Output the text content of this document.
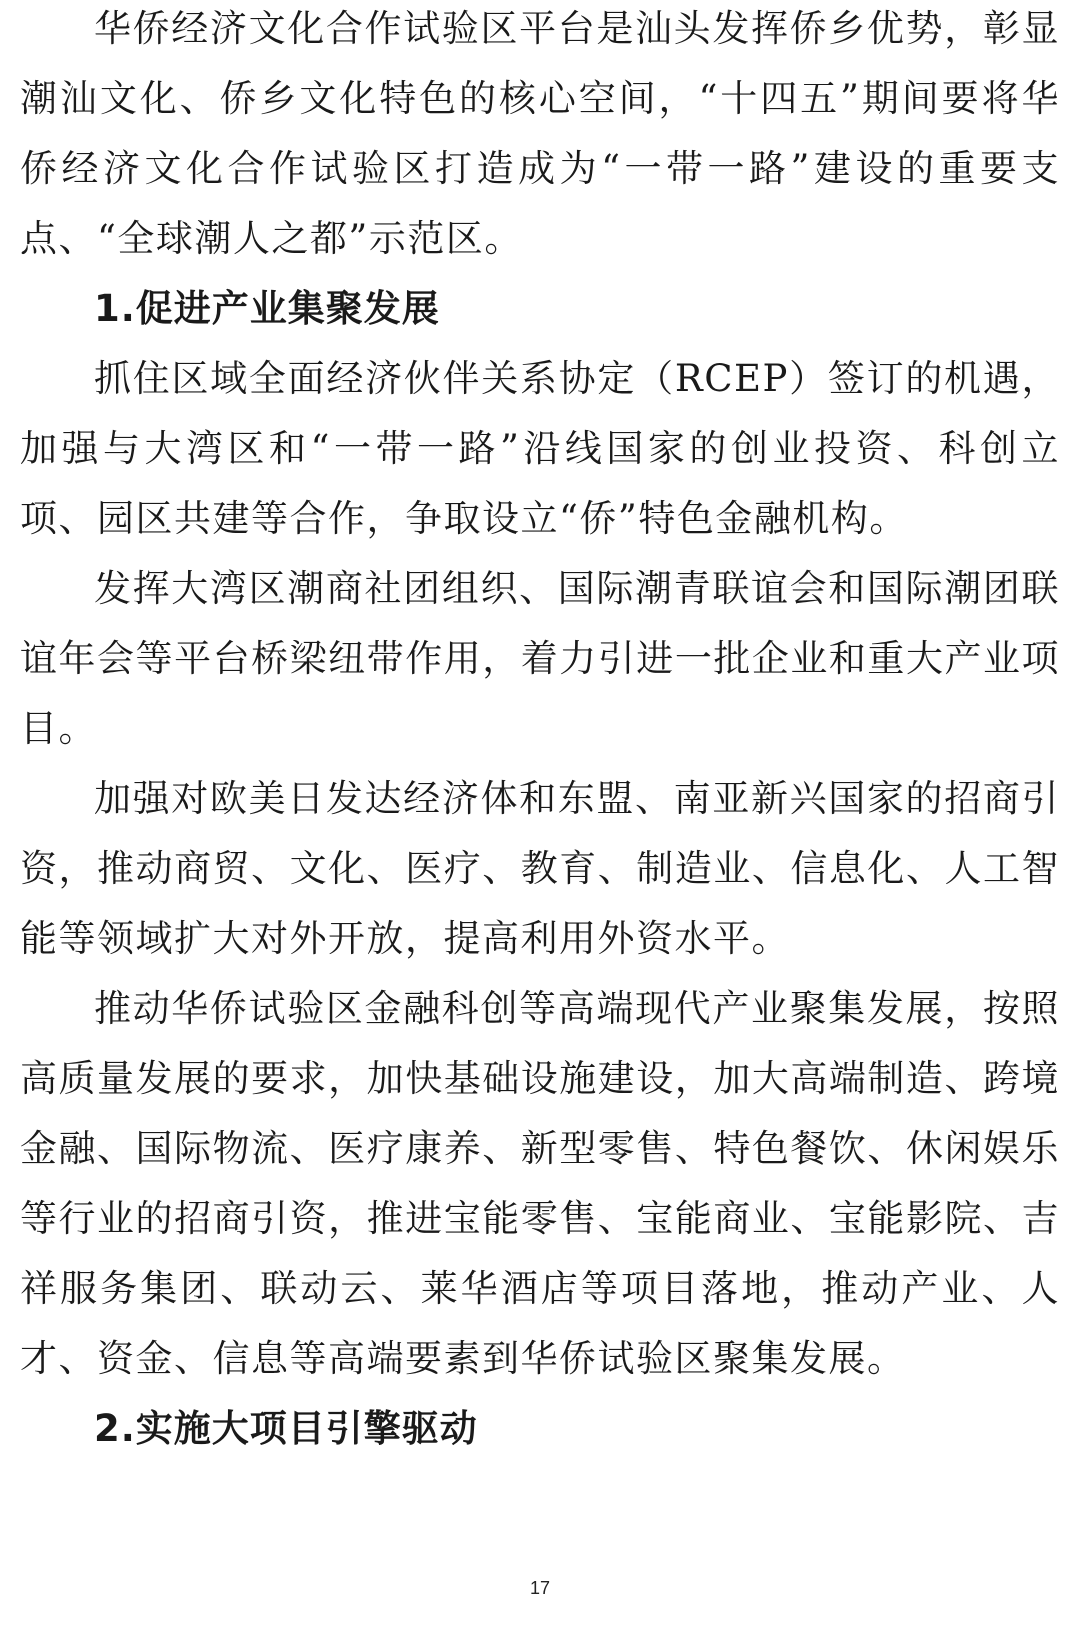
华侨经济文化合作试验区平台是汕头发挥侨乡优势，彰显潮汕文化、侨乡文化特色的核心空间，“十四五”期间要将华侨经济文化合作试验区打造成为“一带一路”建设的重要支点、“全球潮人之都”示范区。

1.促进产业集聚发展

抓住区域全面经济伙伴关系协定（RCEP）签订的机遇，加强与大湾区和“一带一路”沿线国家的创业投资、科创立项、园区共建等合作，争取设立“侨”特色金融机构。

发挥大湾区潮商社团组织、国际潮青联谊会和国际潮团联谊年会等平台桥梁纽带作用，着力引进一批企业和重大产业项目。

加强对欧美日发达经济体和东盟、南亚新兴国家的招商引资，推动商贸、文化、医疗、教育、制造业、信息化、人工智能等领域扩大对外开放，提高利用外资水平。

推动华侨试验区金融科创等高端现代产业聚集发展，按照高质量发展的要求，加快基础设施建设，加大高端制造、跨境金融、国际物流、医疗康养、新型零售、特色餐饮、休闲娱乐等行业的招商引资，推进宝能零售、宝能商业、宝能影院、吉祥服务集团、联动云、莱华酒店等项目落地，推动产业、人才、资金、信息等高端要素到华侨试验区聚集发展。

2.实施大项目引擎驱动

17
